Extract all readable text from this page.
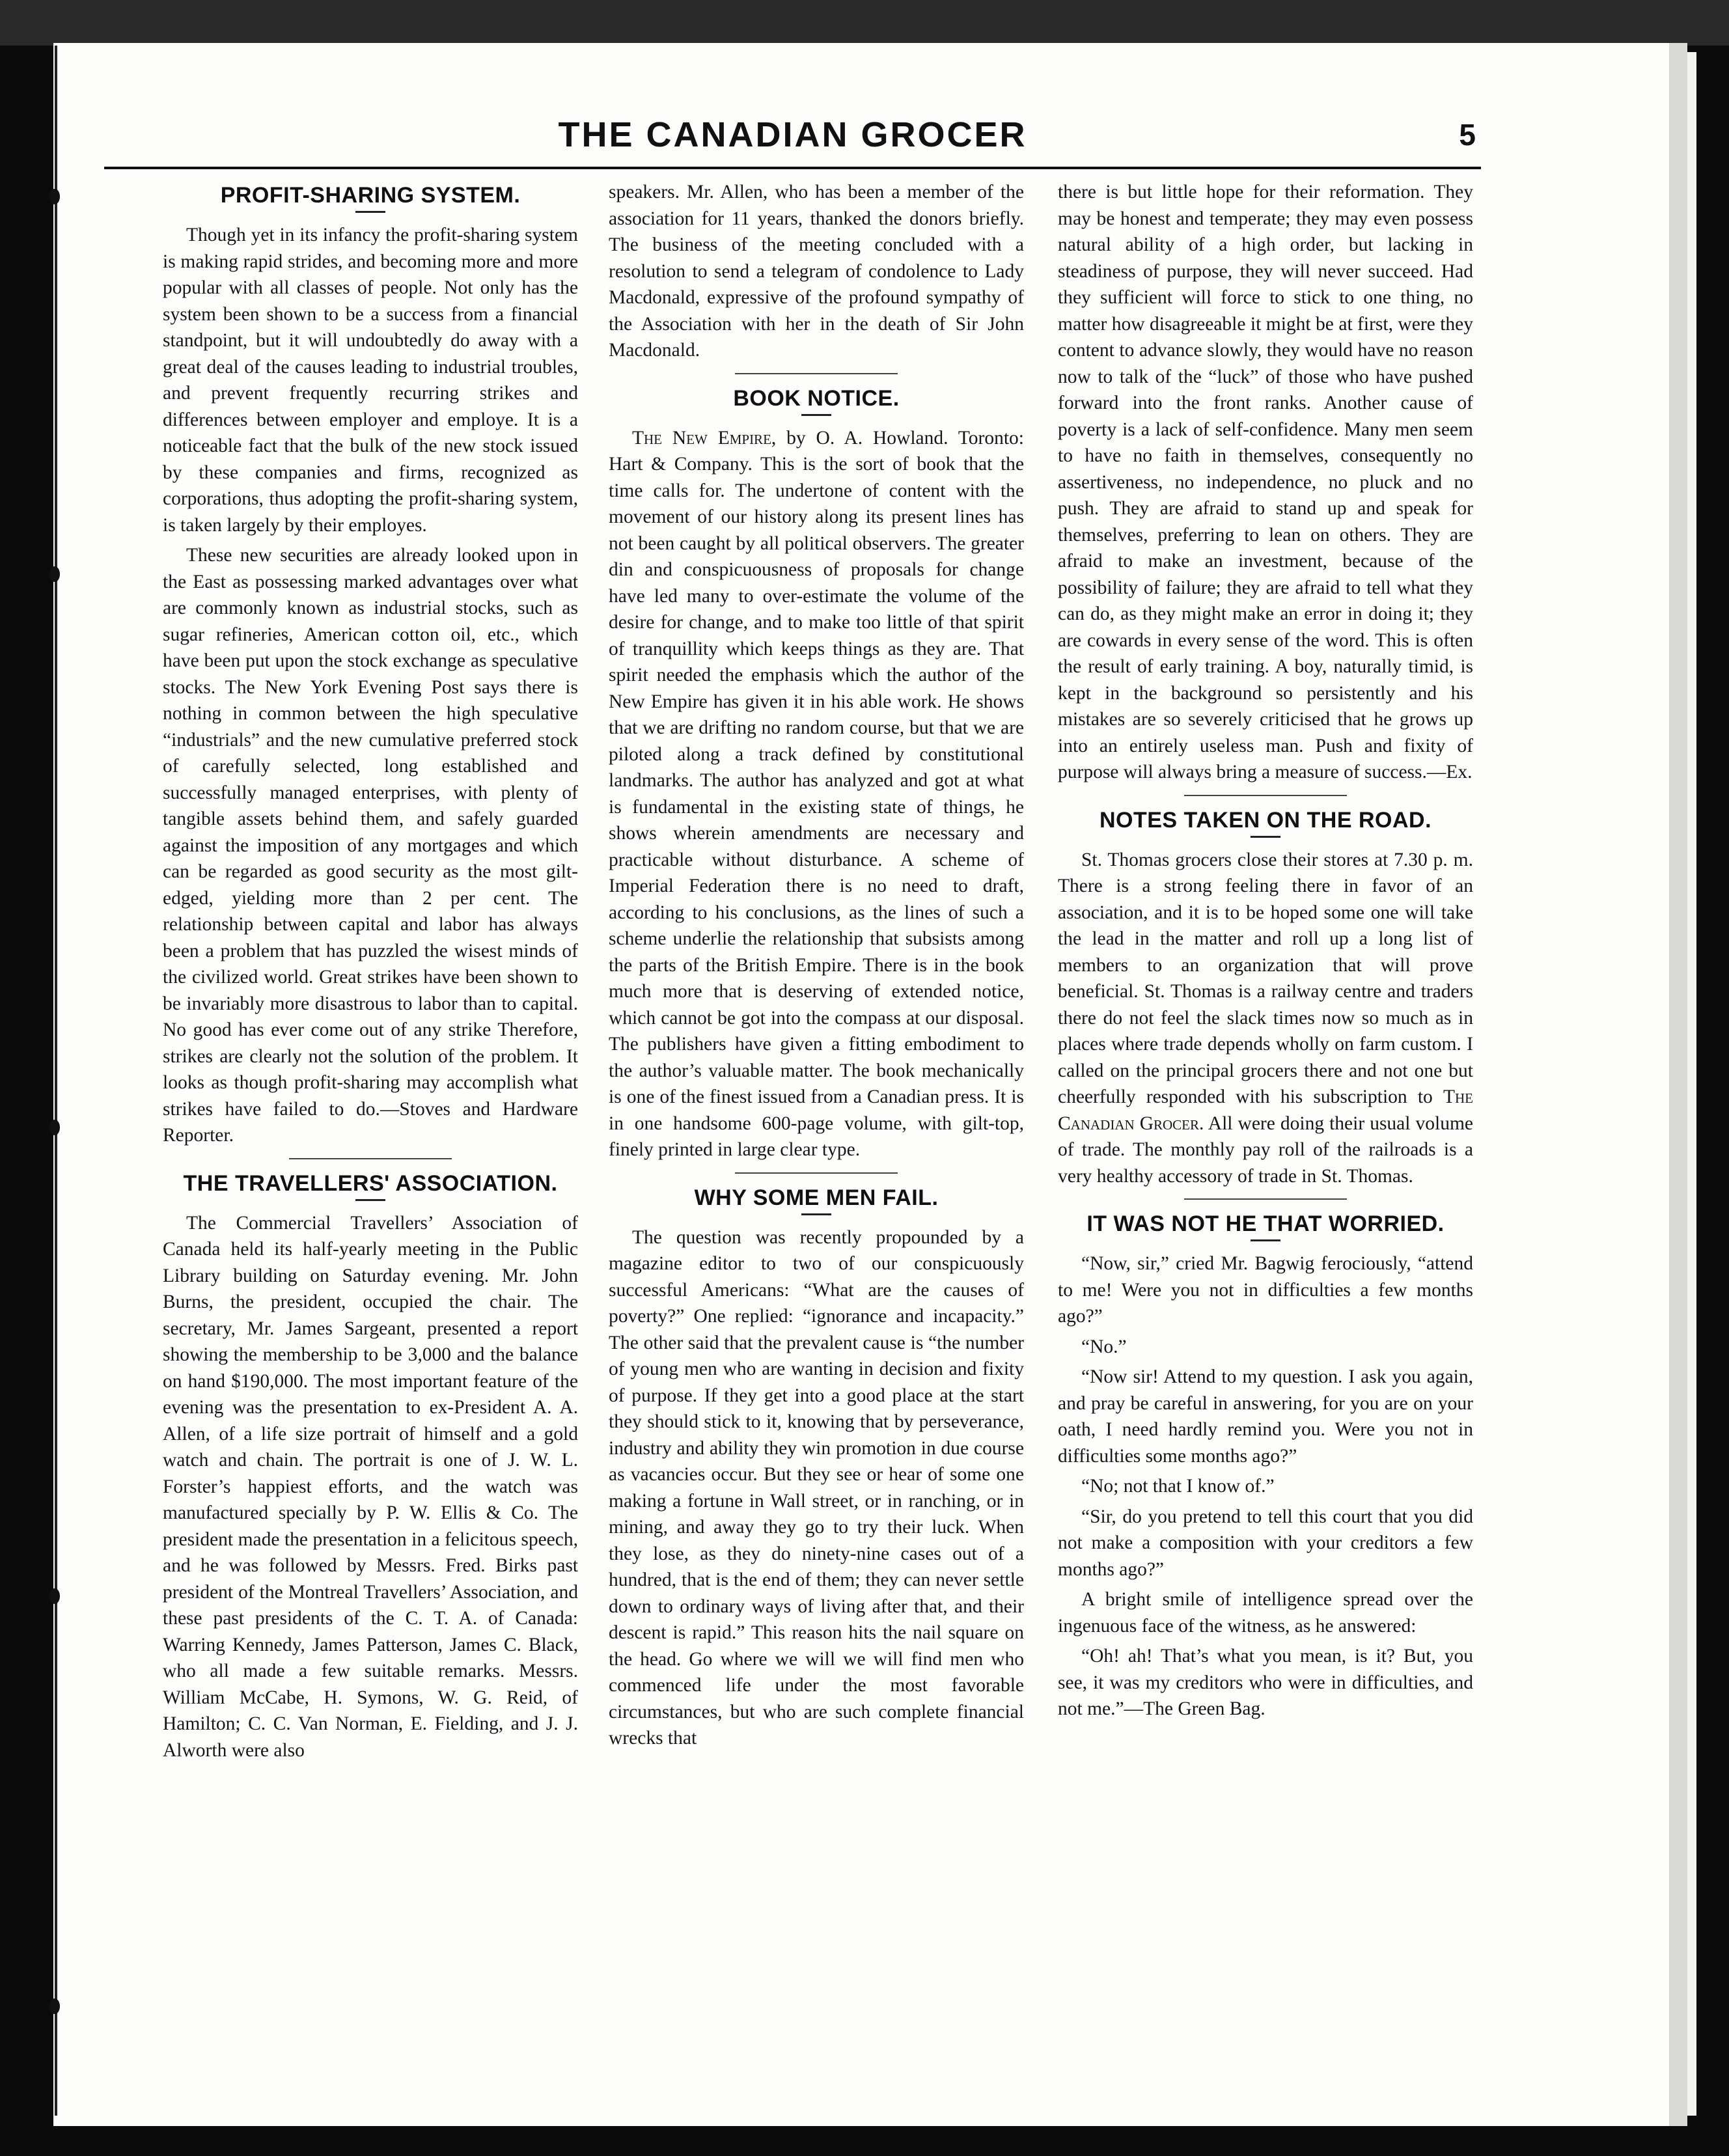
THE CANADIAN GROCER	5
PROFIT-SHARING SYSTEM.

Though yet in its infancy the profit-sharing system is making rapid strides, and becoming more and more popular with all classes of people. Not only has the system been shown to be a success from a financial standpoint, but it will undoubtedly do away with a great deal of the causes leading to industrial troubles, and prevent frequently recurring strikes and differences between employer and employe. It is a noticeable fact that the bulk of the new stock issued by these companies and firms, recognized as corporations, thus adopting the profit-sharing system, is taken largely by their employes.

These new securities are already looked upon in the East as possessing marked advantages over what are commonly known as industrial stocks, such as sugar refineries, American cotton oil, etc., which have been put upon the stock exchange as speculative stocks. The New York Evening Post says there is nothing in common between the high speculative “industrials” and the new cumulative preferred stock of carefully selected, long established and successfully managed enterprises, with plenty of tangible assets behind them, and safely guarded against the imposition of any mortgages and which can be regarded as good security as the most gilt-edged, yielding more than 2 per cent. The relationship between capital and labor has always been a problem that has puzzled the wisest minds of the civilized world. Great strikes have been shown to be invariably more disastrous to labor than to capital. No good has ever come out of any strike Therefore, strikes are clearly not the solution of the problem. It looks as though profit-sharing may accomplish what strikes have failed to do.—Stoves and Hardware Reporter.

THE TRAVELLERS' ASSOCIATION.

The Commercial Travellers’ Association of Canada held its half-yearly meeting in the Public Library building on Saturday evening. Mr. John Burns, the president, occupied the chair. The secretary, Mr. James Sargeant, presented a report showing the membership to be 3,000 and the balance on hand $190,000. The most important feature of the evening was the presentation to ex-President A. A. Allen, of a life size portrait of himself and a gold watch and chain. The portrait is one of J. W. L. Forster’s happiest efforts, and the watch was manufactured specially by P. W. Ellis & Co. The president made the presentation in a felicitous speech, and he was followed by Messrs. Fred. Birks past president of the Montreal Travellers’ Association, and these past presidents of the C. T. A. of Canada: Warring Kennedy, James Patterson, James C. Black, who all made a few suitable remarks. Messrs. William McCabe, H. Symons, W. G. Reid, of Hamilton; C. C. Van Norman, E. Fielding, and J. J. Alworth were also

speakers. Mr. Allen, who has been a member of the association for 11 years, thanked the donors briefly. The business of the meeting concluded with a resolution to send a telegram of condolence to Lady Macdonald, expressive of the profound sympathy of the Association with her in the death of Sir John Macdonald.

BOOK NOTICE.

The New Empire, by O. A. Howland. Toronto: Hart & Company. This is the sort of book that the time calls for. The undertone of content with the movement of our history along its present lines has not been caught by all political observers. The greater din and conspicuousness of proposals for change have led many to over-estimate the volume of the desire for change, and to make too little of that spirit of tranquillity which keeps things as they are. That spirit needed the emphasis which the author of the New Empire has given it in his able work. He shows that we are drifting no random course, but that we are piloted along a track defined by constitutional landmarks. The author has analyzed and got at what is fundamental in the existing state of things, he shows wherein amendments are necessary and practicable without disturbance. A scheme of Imperial Federation there is no need to draft, according to his conclusions, as the lines of such a scheme underlie the relationship that subsists among the parts of the British Empire. There is in the book much more that is deserving of extended notice, which cannot be got into the compass at our disposal. The publishers have given a fitting embodiment to the author’s valuable matter. The book mechanically is one of the finest issued from a Canadian press. It is in one handsome 600-page volume, with gilt-top, finely printed in large clear type.

WHY SOME MEN FAIL.

The question was recently propounded by a magazine editor to two of our conspicuously successful Americans: “What are the causes of poverty?” One replied: “ignorance and incapacity.” The other said that the prevalent cause is “the number of young men who are wanting in decision and fixity of purpose. If they get into a good place at the start they should stick to it, knowing that by perseverance, industry and ability they win promotion in due course as vacancies occur. But they see or hear of some one making a fortune in Wall street, or in ranching, or in mining, and away they go to try their luck. When they lose, as they do ninety-nine cases out of a hundred, that is the end of them; they can never settle down to ordinary ways of living after that, and their descent is rapid.” This reason hits the nail square on the head. Go where we will we will find men who commenced life under the most favorable circumstances, but who are such complete financial wrecks that

there is but little hope for their reformation. They may be honest and temperate; they may even possess natural ability of a high order, but lacking in steadiness of purpose, they will never succeed. Had they sufficient will force to stick to one thing, no matter how disagreeable it might be at first, were they content to advance slowly, they would have no reason now to talk of the “luck” of those who have pushed forward into the front ranks. Another cause of poverty is a lack of self-confidence. Many men seem to have no faith in themselves, consequently no assertiveness, no independence, no pluck and no push. They are afraid to stand up and speak for themselves, preferring to lean on others. They are afraid to make an investment, because of the possibility of failure; they are afraid to tell what they can do, as they might make an error in doing it; they are cowards in every sense of the word. This is often the result of early training. A boy, naturally timid, is kept in the background so persistently and his mistakes are so severely criticised that he grows up into an entirely useless man. Push and fixity of purpose will always bring a measure of success.—Ex.

NOTES TAKEN ON THE ROAD.

St. Thomas grocers close their stores at 7.30 p. m. There is a strong feeling there in favor of an association, and it is to be hoped some one will take the lead in the matter and roll up a long list of members to an organization that will prove beneficial. St. Thomas is a railway centre and traders there do not feel the slack times now so much as in places where trade depends wholly on farm custom. I called on the principal grocers there and not one but cheerfully responded with his subscription to The Canadian Grocer. All were doing their usual volume of trade. The monthly pay roll of the railroads is a very healthy accessory of trade in St. Thomas.

IT WAS NOT HE THAT WORRIED.

“Now, sir,” cried Mr. Bagwig ferociously, “attend to me! Were you not in difficulties a few months ago?”

“No.”

“Now sir! Attend to my question. I ask you again, and pray be careful in answering, for you are on your oath, I need hardly remind you. Were you not in difficulties some months ago?”

“No; not that I know of.”

“Sir, do you pretend to tell this court that you did not make a composition with your creditors a few months ago?”

A bright smile of intelligence spread over the ingenuous face of the witness, as he answered:

“Oh! ah! That’s what you mean, is it? But, you see, it was my creditors who were in difficulties, and not me.”—The Green Bag.
